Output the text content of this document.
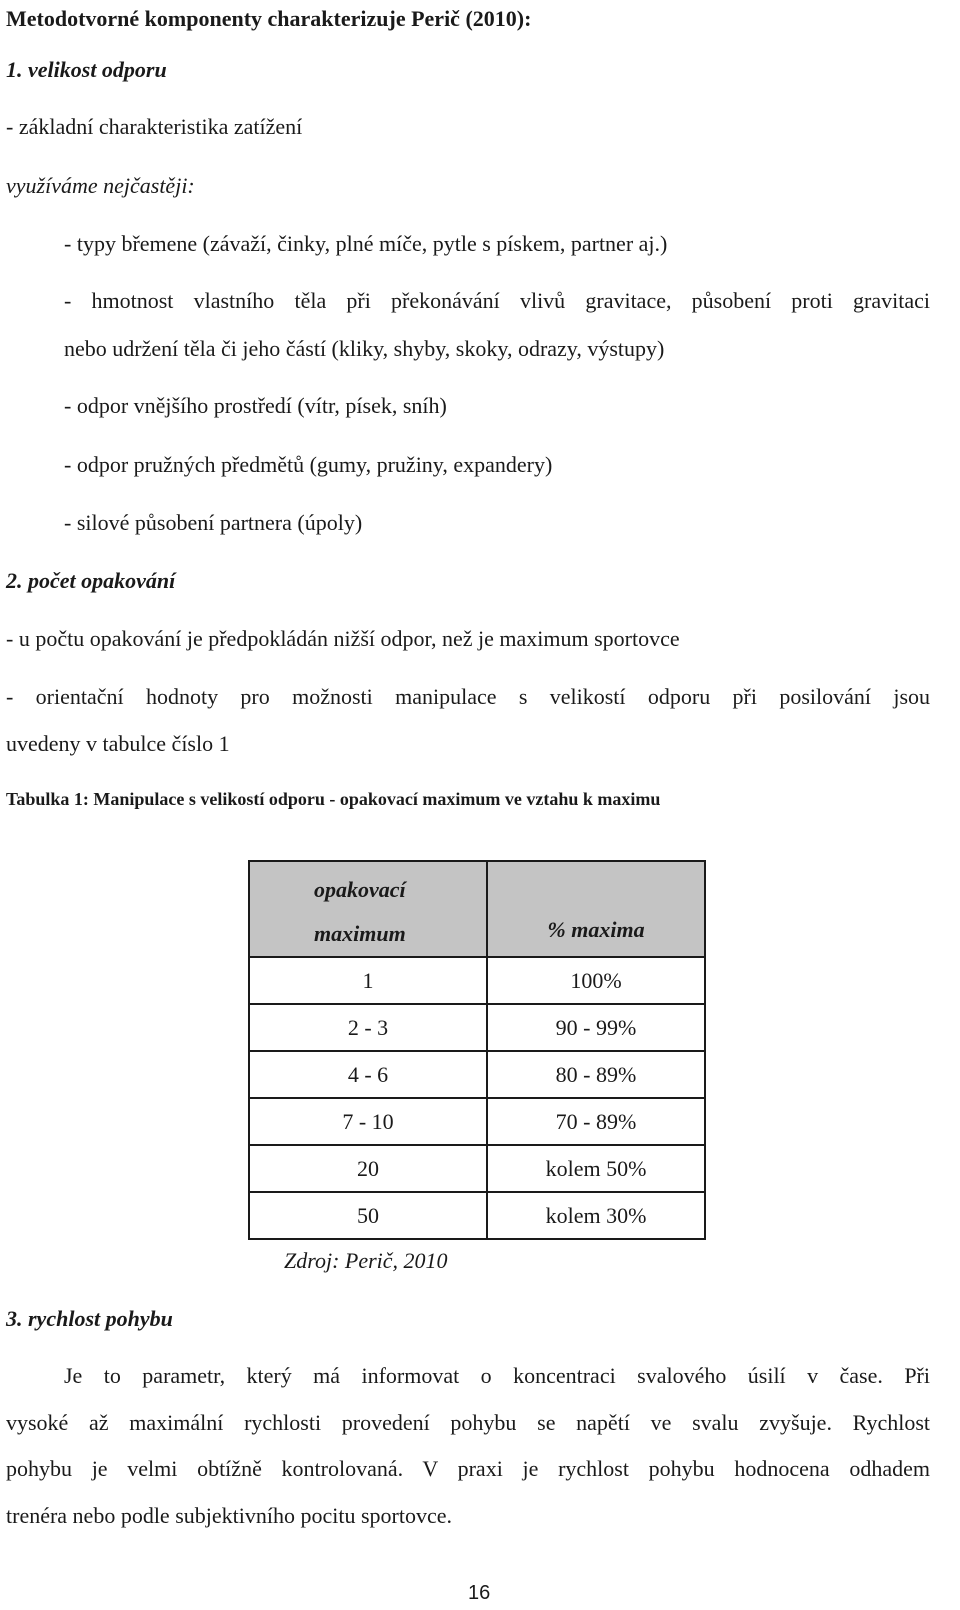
Metodotvorné komponenty charakterizuje Perič (2010):
1. velikost odporu
- základní charakteristika zatížení
využíváme nejčastěji:
- typy břemene (závaží, činky, plné míče, pytle s pískem, partner aj.)
- hmotnost vlastního těla při překonávání vlivů gravitace, působení proti gravitaci
nebo udržení těla či jeho částí (kliky, shyby, skoky, odrazy, výstupy)
- odpor vnějšího prostředí (vítr, písek, sníh)
- odpor pružných předmětů (gumy, pružiny, expandery)
- silové působení partnera (úpoly)
2. počet opakování
- u počtu opakování je předpokládán nižší odpor, než je maximum sportovce
- orientační hodnoty pro možnosti manipulace s velikostí odporu při posilování jsou
uvedeny v tabulce číslo 1
Tabulka 1: Manipulace s velikostí odporu - opakovací maximum ve vztahu k maximu
opakovací
maximum	% maxima

1	100%
2 - 3	90 - 99%
4 - 6	80 - 89%
7 - 10	70 - 89%
20	kolem 50%
50	kolem 30%
Zdroj: Perič, 2010
3. rychlost pohybu
Je to parametr, který má informovat o koncentraci svalového úsilí v čase. Při
vysoké až maximální rychlosti provedení pohybu se napětí ve svalu zvyšuje. Rychlost
pohybu je velmi obtížně kontrolovaná. V praxi je rychlost pohybu hodnocena odhadem
trenéra nebo podle subjektivního pocitu sportovce.
16
